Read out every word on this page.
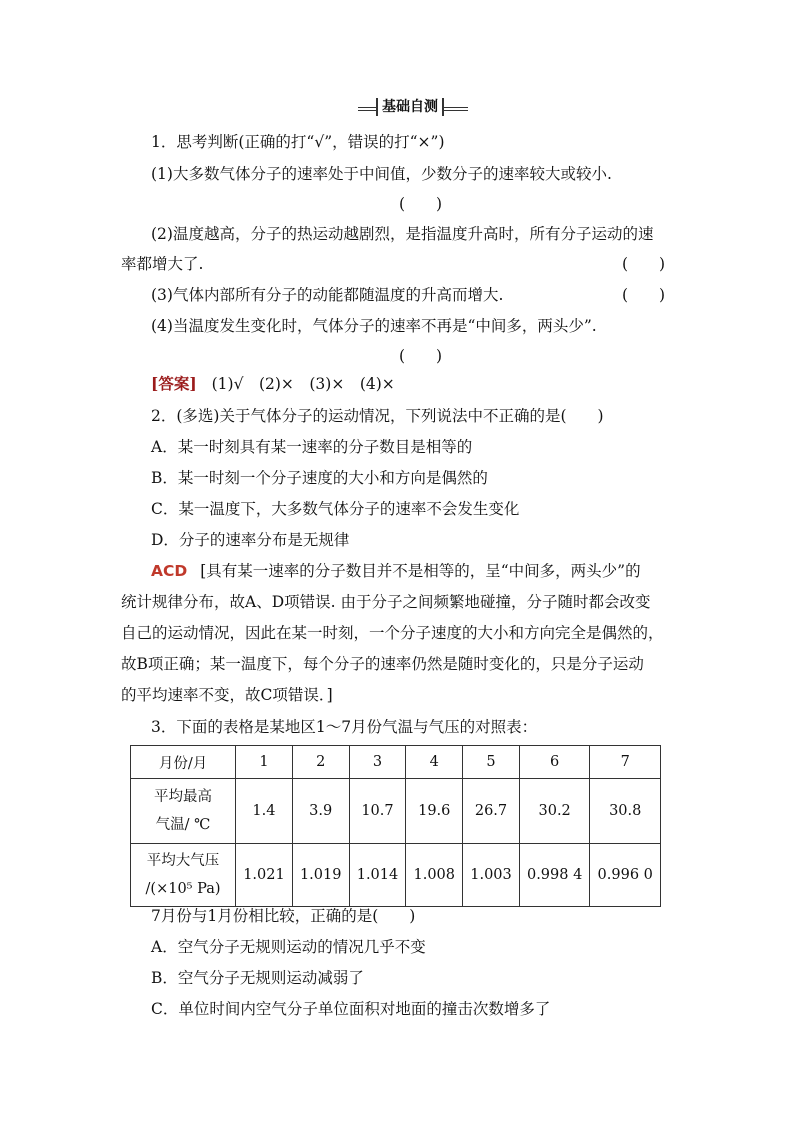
基础自测
1．思考判断(正确的打“√”，错误的打“×”)
(1)大多数气体分子的速率处于中间值，少数分子的速率较大或较小.
(　　)
(2)温度越高，分子的热运动越剧烈，是指温度升高时，所有分子运动的速
率都增大了.	(　　)
(3)气体内部所有分子的动能都随温度的升高而增大.	(　　)
(4)当温度发生变化时，气体分子的速率不再是“中间多，两头少”.
(　　)
[答案] (1)√　(2)×　(3)×　(4)×
2．(多选)关于气体分子的运动情况，下列说法中不正确的是(　　)
A．某一时刻具有某一速率的分子数目是相等的
B．某一时刻一个分子速度的大小和方向是偶然的
C．某一温度下，大多数气体分子的速率不会发生变化
D．分子的速率分布是无规律
ACD [具有某一速率的分子数目并不是相等的，呈“中间多，两头少”的
统计规律分布，故A、D项错误. 由于分子之间频繁地碰撞，分子随时都会改变
自己的运动情况，因此在某一时刻，一个分子速度的大小和方向完全是偶然的，
故B项正确；某一温度下，每个分子的速率仍然是随时变化的，只是分子运动
的平均速率不变，故C项错误．]
3．下面的表格是某地区1～7月份气温与气压的对照表：
月份/月	1	2	3	4	5	6	7

平均最高
气温/ ℃	1.4	3.9	10.7	19.6	26.7	30.2	30.8

平均大气压
/(×10⁵ Pa)	1.021	1.019	1.014	1.008	1.003	0.998 4	0.996 0
7月份与1月份相比较，正确的是(　　)
A．空气分子无规则运动的情况几乎不变
B．空气分子无规则运动减弱了
C．单位时间内空气分子单位面积对地面的撞击次数增多了
